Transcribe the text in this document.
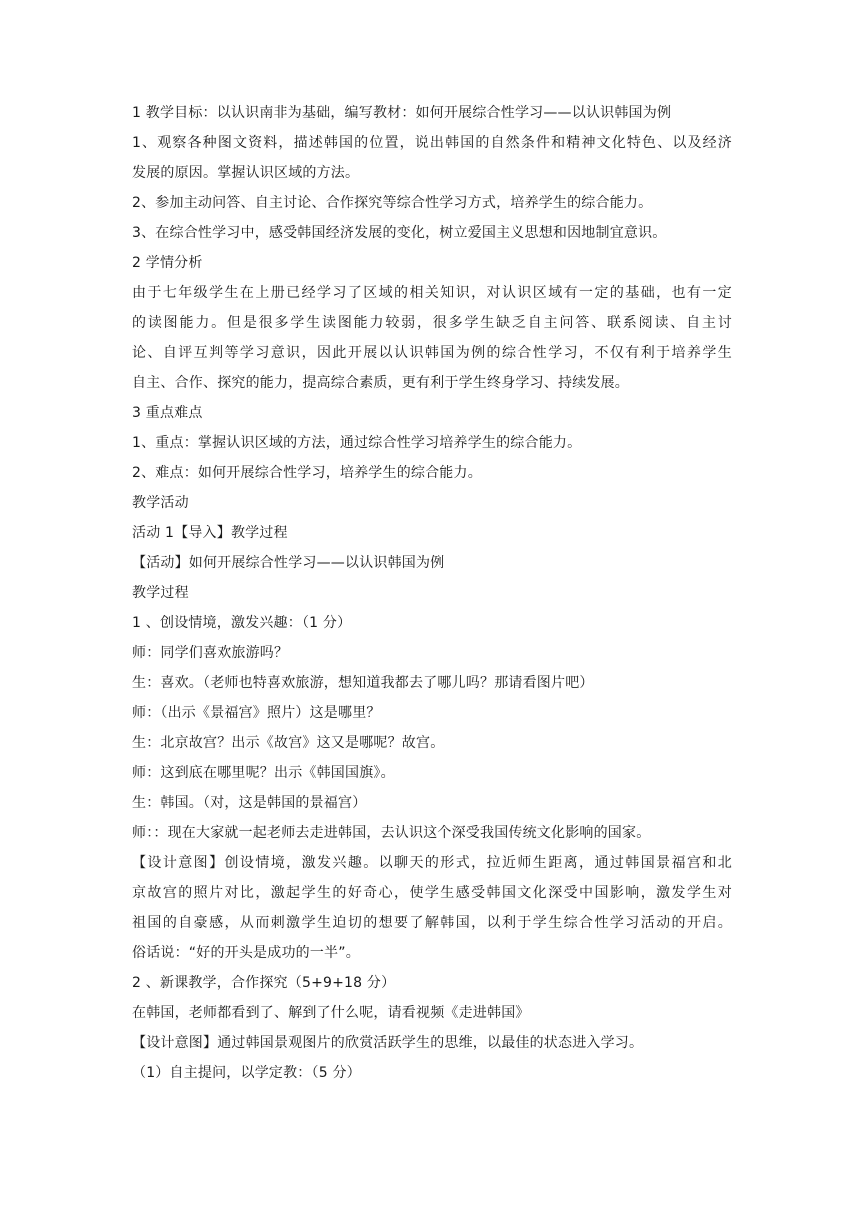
1 教学目标：以认识南非为基础，编写教材：如何开展综合性学习——以认识韩国为例
1、观察各种图文资料，描述韩国的位置，说出韩国的自然条件和精神文化特色、以及经济
发展的原因。掌握认识区域的方法。
2、参加主动问答、自主讨论、合作探究等综合性学习方式，培养学生的综合能力。
3、在综合性学习中，感受韩国经济发展的变化，树立爱国主义思想和因地制宜意识。
2 学情分析
由于七年级学生在上册已经学习了区域的相关知识，对认识区域有一定的基础，也有一定
的读图能力。但是很多学生读图能力较弱，很多学生缺乏自主问答、联系阅读、自主讨
论、自评互判等学习意识，因此开展以认识韩国为例的综合性学习，不仅有利于培养学生
自主、合作、探究的能力，提高综合素质，更有利于学生终身学习、持续发展。
3 重点难点
1、重点：掌握认识区域的方法，通过综合性学习培养学生的综合能力。
2、难点：如何开展综合性学习，培养学生的综合能力。
教学活动
活动 1【导入】教学过程
【活动】如何开展综合性学习——以认识韩国为例
教学过程
1 、创设情境，激发兴趣：（1 分）
师：同学们喜欢旅游吗？
生：喜欢。（老师也特喜欢旅游，想知道我都去了哪儿吗？那请看图片吧）
师：（出示《景福宫》照片）这是哪里？
生：北京故宫？出示《故宫》这又是哪呢？故宫。
师：这到底在哪里呢？出示《韩国国旗》。
生：韩国。（对，这是韩国的景福宫）
师：：现在大家就一起老师去走进韩国，去认识这个深受我国传统文化影响的国家。
【设计意图】创设情境，激发兴趣。以聊天的形式，拉近师生距离，通过韩国景福宫和北
京故宫的照片对比，激起学生的好奇心，使学生感受韩国文化深受中国影响，激发学生对
祖国的自豪感，从而刺激学生迫切的想要了解韩国，以利于学生综合性学习活动的开启。
俗话说：“好的开头是成功的一半”。
2 、新课教学，合作探究（5+9+18 分）
在韩国，老师都看到了、解到了什么呢，请看视频《走进韩国》
【设计意图】通过韩国景观图片的欣赏活跃学生的思维，以最佳的状态进入学习。
（1）自主提问，以学定教：（5 分）
